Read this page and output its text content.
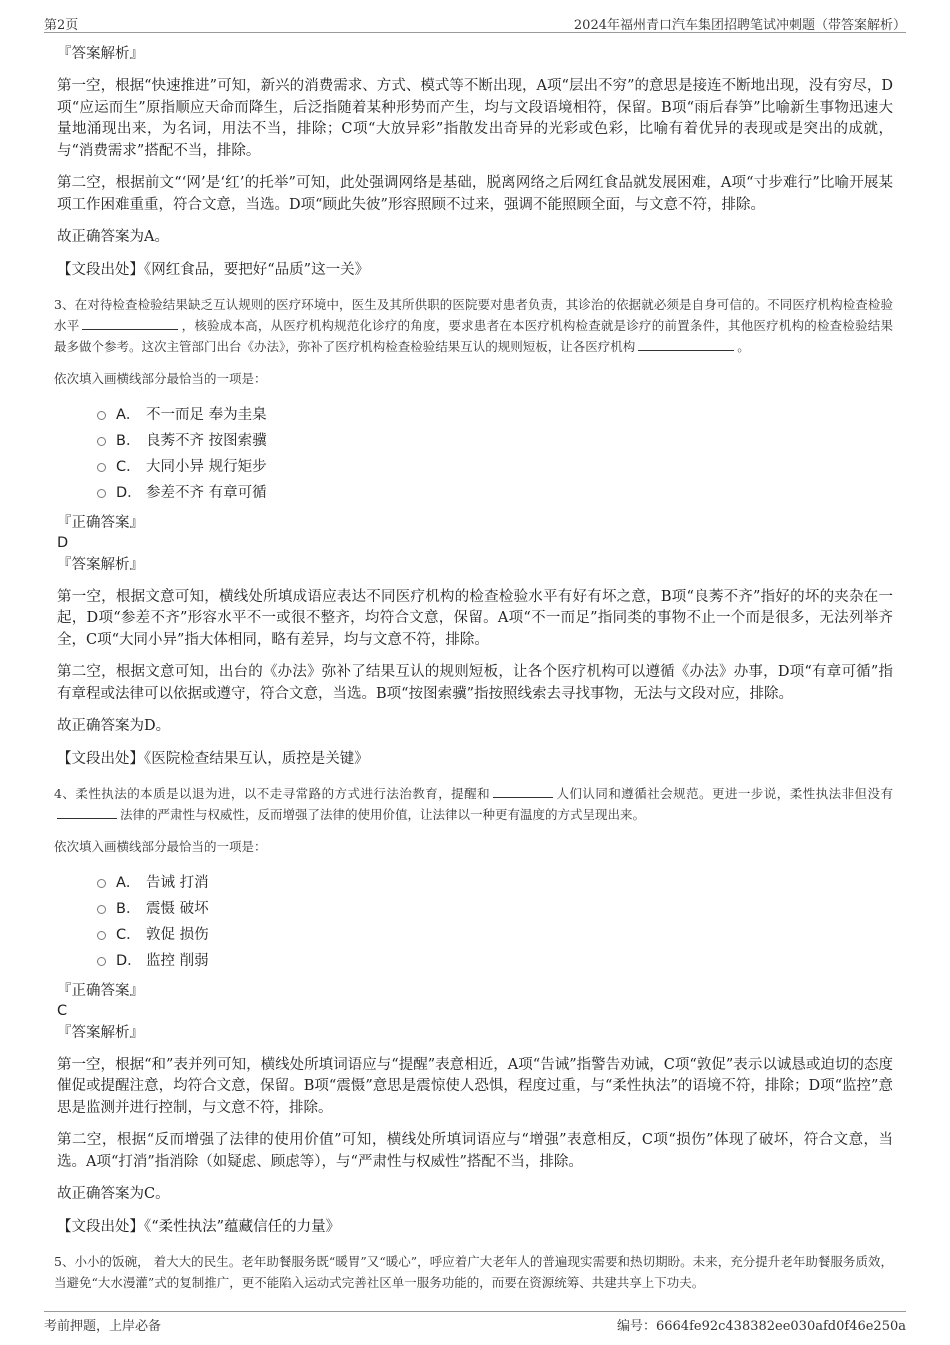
第2页	2024年福州青口汽车集团招聘笔试冲刺题（带答案解析）
『答案解析』

第一空，根据“快速推进”可知，新兴的消费需求、方式、模式等不断出现，A项“层出不穷”的意思是接连不断地出现，没有穷尽，D项“应运而生”原指顺应天命而降生，后泛指随着某种形势而产生，均与文段语境相符，保留。B项“雨后春笋”比喻新生事物迅速大量地涌现出来，为名词，用法不当，排除；C项“大放异彩”指散发出奇异的光彩或色彩，比喻有着优异的表现或是突出的成就，与“消费需求”搭配不当，排除。

第二空，根据前文“‘网’是‘红’的托举”可知，此处强调网络是基础，脱离网络之后网红食品就发展困难，A项“寸步难行”比喻开展某项工作困难重重，符合文意，当选。D项“顾此失彼”形容照顾不过来，强调不能照顾全面，与文意不符，排除。

故正确答案为A。

【文段出处】《网红食品，要把好“品质”这一关》

3、在对待检查检验结果缺乏互认规则的医疗环境中，医生及其所供职的医院要对患者负责，其诊治的依据就必须是自身可信的。不同医疗机构检查检验水平	，核验成本高，从医疗机构规范化诊疗的角度，要求患者在本医疗机构检查就是诊疗的前置条件，其他医疗机构的检查检验结果最多做个参考。这次主管部门出台《办法》，弥补了医疗机构检查检验结果互认的规则短板，让各医疗机构	。

依次填入画横线部分最恰当的一项是：
A． 不一而足 奉为圭臬
B． 良莠不齐 按图索骥
C． 大同小异 规行矩步
D． 参差不齐 有章可循
『正确答案』
D
『答案解析』

第一空，根据文意可知，横线处所填成语应表达不同医疗机构的检查检验水平有好有坏之意，B项“良莠不齐”指好的坏的夹杂在一起，D项“参差不齐”形容水平不一或很不整齐，均符合文意，保留。A项“不一而足”指同类的事物不止一个而是很多，无法列举齐全，C项“大同小异”指大体相同，略有差异，均与文意不符，排除。

第二空，根据文意可知，出台的《办法》弥补了结果互认的规则短板，让各个医疗机构可以遵循《办法》办事，D项“有章可循”指有章程或法律可以依据或遵守，符合文意，当选。B项“按图索骥”指按照线索去寻找事物，无法与文段对应，排除。

故正确答案为D。

【文段出处】《医院检查结果互认，质控是关键》

4、柔性执法的本质是以退为进，以不走寻常路的方式进行法治教育，提醒和	人们认同和遵循社会规范。更进一步说，柔性执法非但没有法律的严肃性与权威性，反而增强了法律的使用价值，让法律以一种更有温度的方式呈现出来。

依次填入画横线部分最恰当的一项是：
A． 告诫 打消
B． 震慑 破坏
C． 敦促 损伤
D． 监控 削弱
『正确答案』
C
『答案解析』

第一空，根据“和”表并列可知，横线处所填词语应与“提醒”表意相近，A项“告诫”指警告劝诫，C项“敦促”表示以诚恳或迫切的态度催促或提醒注意，均符合文意，保留。B项“震慑”意思是震惊使人恐惧，程度过重，与“柔性执法”的语境不符，排除；D项“监控”意思是监测并进行控制，与文意不符，排除。

第二空，根据“反而增强了法律的使用价值”可知，横线处所填词语应与“增强”表意相反，C项“损伤”体现了破坏，符合文意，当选。A项“打消”指消除（如疑虑、顾虑等），与“严肃性与权威性”搭配不当，排除。

故正确答案为C。

【文段出处】《“柔性执法”蕴藏信任的力量》

5、小小的饭碗， 着大大的民生。老年助餐服务既“暖胃”又“暖心”，呼应着广大老年人的普遍现实需要和热切期盼。未来，充分提升老年助餐服务质效，当避免“大水漫灌”式的复制推广，更不能陷入运动式完善社区单一服务功能的，而要在资源统筹、共建共享上下功夫。

考前押题，上岸必备	编号：6664fe92c438382ee030afd0f46e250a
